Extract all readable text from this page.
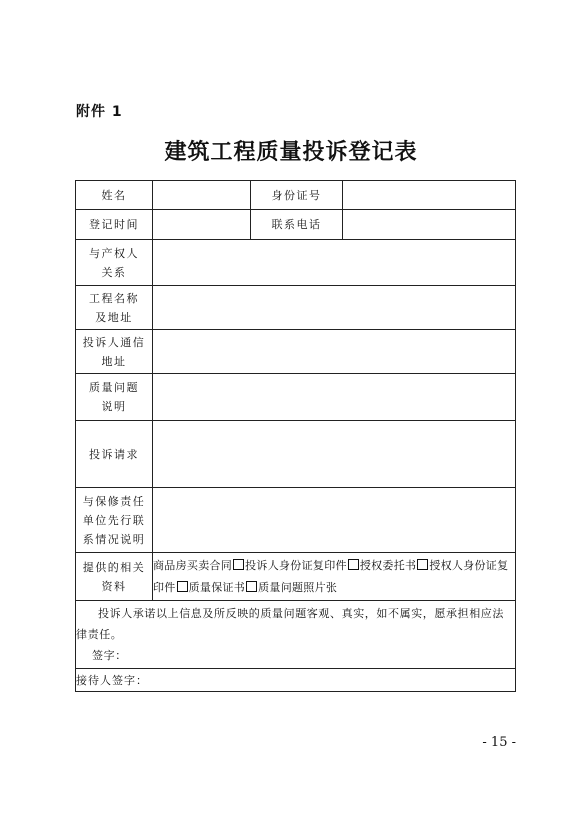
附件 1
建筑工程质量投诉登记表
姓名		身份证号	
登记时间		联系电话	

与产权人
关系			

工程名称
及地址			

投诉人通信
地址			

质量问题
说明			

投诉请求			

与保修责任
单位先行联
系情况说明			

提供的相关
资料	商品房买卖合同 投诉人身份证复印件 授权委托书 授权人身份证复印件 质量保证书 质量问题照片张		

投诉人承诺以上信息及所反映的质量问题客观、真实，如不属实，愿承担相应法律责任。
签字：			

接待人签字：			
- 15 -
